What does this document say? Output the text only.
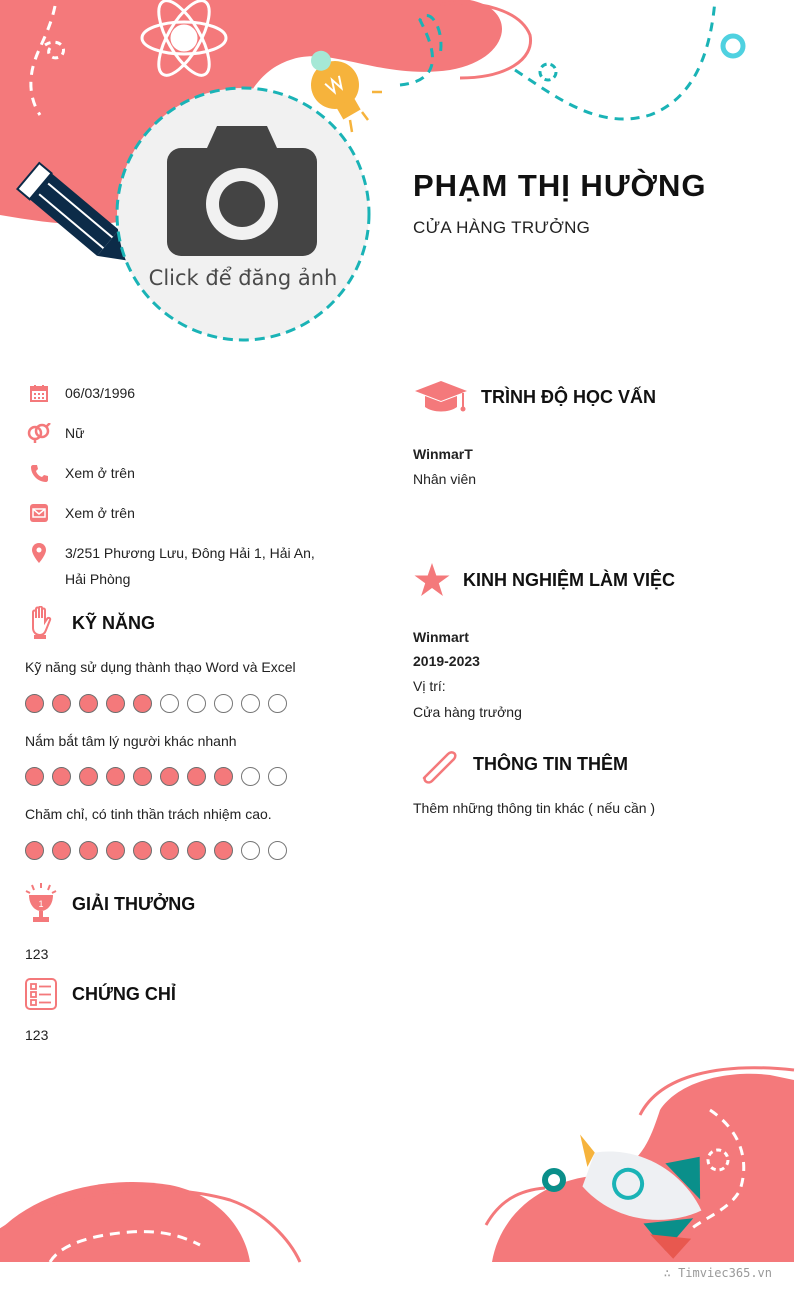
Click để đăng ảnh
PHẠM THỊ HƯỜNG
CỬA HÀNG TRƯỞNG
06/03/1996
Nữ
Xem ở trên
Xem ở trên
3/251 Phương Lưu, Đông Hải 1, Hải An, Hải Phòng
KỸ NĂNG
Kỹ năng sử dụng thành thạo Word và Excel
Nắm bắt tâm lý người khác nhanh
Chăm chỉ, có tinh thần trách nhiệm cao.
1 GIẢI THƯỞNG
123
CHỨNG CHỈ
123
TRÌNH ĐỘ HỌC VẤN
WinmarT
Nhân viên
KINH NGHIỆM LÀM VIỆC
Winmart
2019-2023
Vị trí:
Cửa hàng trưởng
THÔNG TIN THÊM
Thêm những thông tin khác ( nếu cần )
∴ Timviec365.vn
